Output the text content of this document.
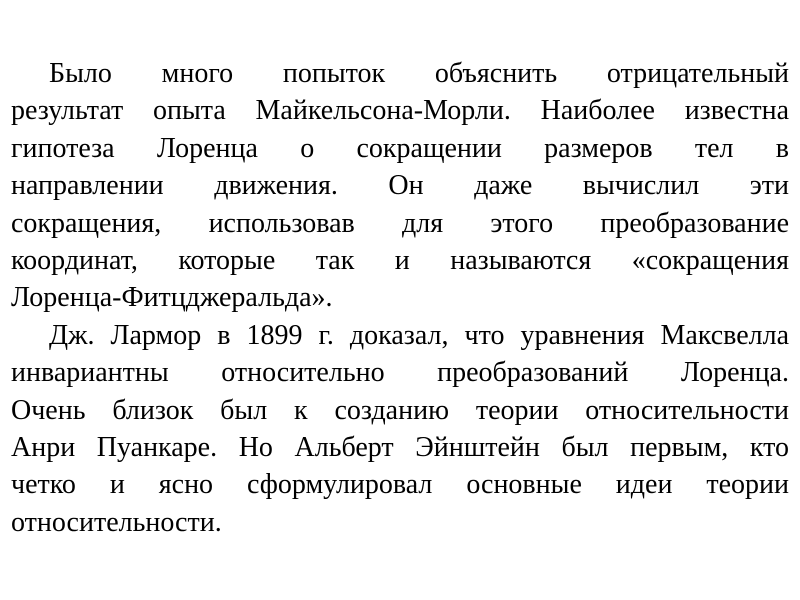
Было много попыток объяснить отрицательный
результат опыта Майкельсона-Морли. Наиболее известна
гипотеза Лоренца о сокращении размеров тел в
направлении движения. Он даже вычислил эти
сокращения, использовав для этого преобразование
координат, которые так и называются «сокращения
Лоренца-Фитцджеральда».

Дж. Лармор в 1899 г. доказал, что уравнения Максвелла
инвариантны относительно преобразований Лоренца.
Очень близок был к созданию теории относительности
Анри Пуанкаре. Но Альберт Эйнштейн был первым, кто
четко и ясно сформулировал основные идеи теории
относительности.
